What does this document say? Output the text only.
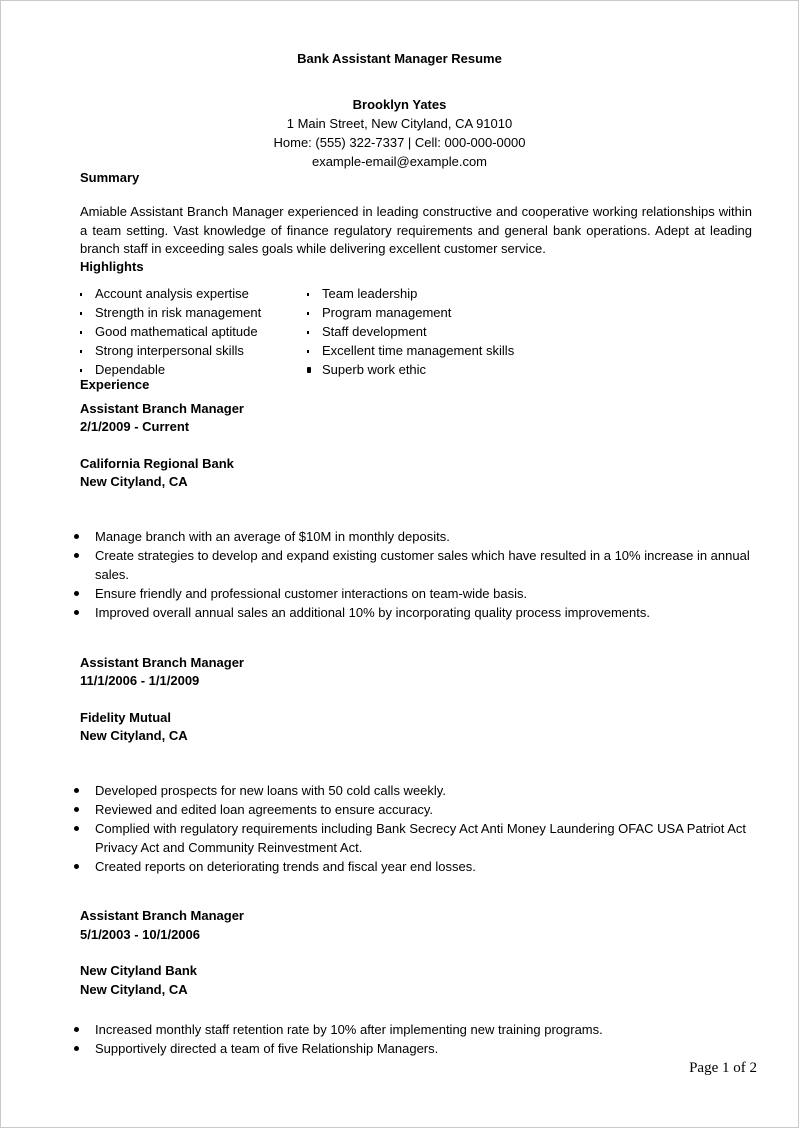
Bank Assistant Manager Resume
Brooklyn Yates
1 Main Street, New Cityland, CA 91010
Home: (555) 322-7337 | Cell: 000-000-0000
example-email@example.com
Summary
Amiable Assistant Branch Manager experienced in leading constructive and cooperative working relationships within a team setting. Vast knowledge of finance regulatory requirements and general bank operations. Adept at leading branch staff in exceeding sales goals while delivering excellent customer service.
Highlights
Account analysis expertise
Strength in risk management
Good mathematical aptitude
Strong interpersonal skills
Dependable
Team leadership
Program management
Staff development
Excellent time management skills
Superb work ethic
Experience
Assistant Branch Manager
2/1/2009 - Current
California Regional Bank
New Cityland, CA
Manage branch with an average of $10M in monthly deposits.
Create strategies to develop and expand existing customer sales which have resulted in a 10% increase in annual sales.
Ensure friendly and professional customer interactions on team-wide basis.
Improved overall annual sales an additional 10% by incorporating quality process improvements.
Assistant Branch Manager
11/1/2006 - 1/1/2009
Fidelity Mutual
New Cityland, CA
Developed prospects for new loans with 50 cold calls weekly.
Reviewed and edited loan agreements to ensure accuracy.
Complied with regulatory requirements including Bank Secrecy Act Anti Money Laundering OFAC USA Patriot Act Privacy Act and Community Reinvestment Act.
Created reports on deteriorating trends and fiscal year end losses.
Assistant Branch Manager
5/1/2003 - 10/1/2006
New Cityland Bank
New Cityland, CA
Increased monthly staff retention rate by 10% after implementing new training programs.
Supportively directed a team of five Relationship Managers.
Page 1 of 2
